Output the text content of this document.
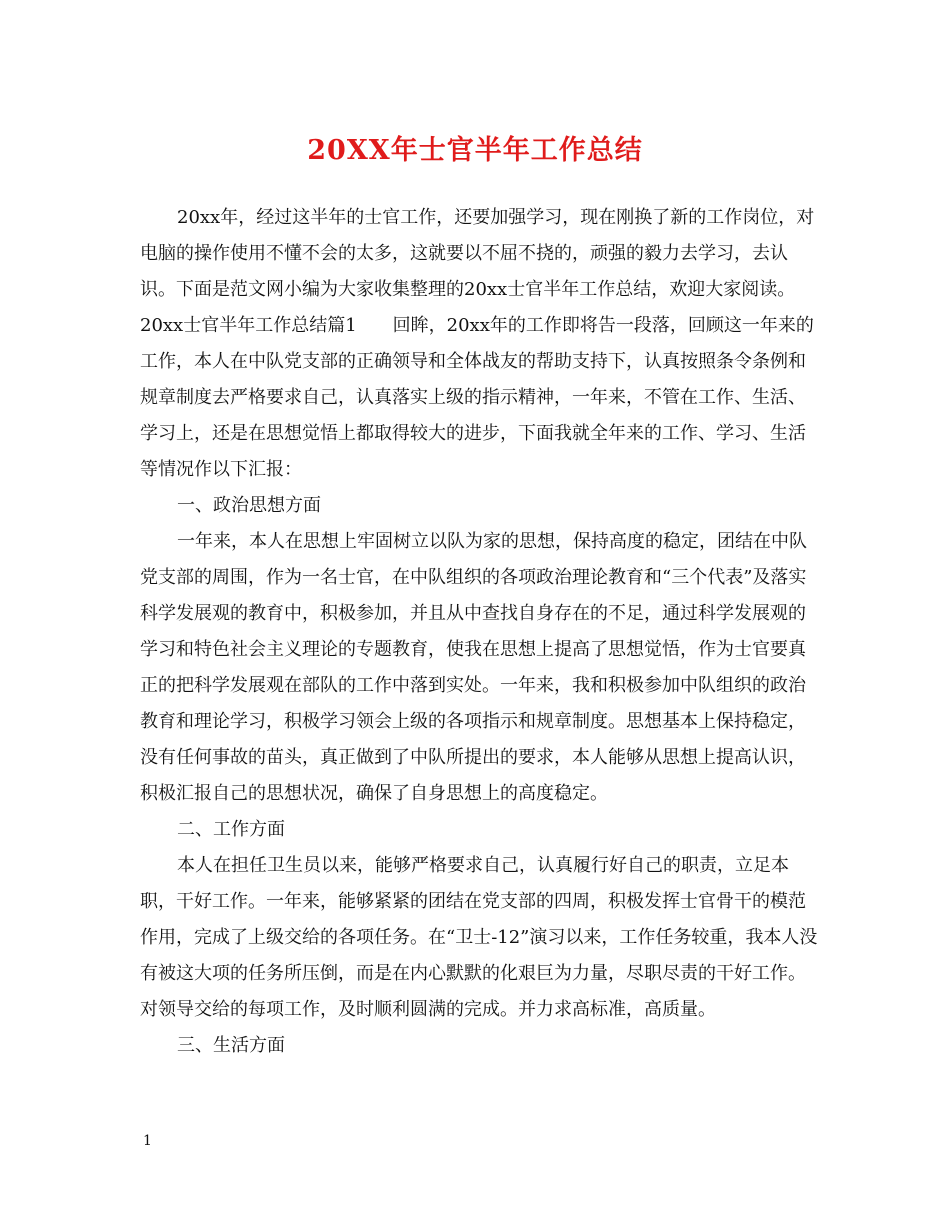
20XX年士官半年工作总结

20xx年，经过这半年的士官工作，还要加强学习，现在刚换了新的工作岗位，对电脑的操作使用不懂不会的太多，这就要以不屈不挠的，顽强的毅力去学习，去认识。下面是范文网小编为大家收集整理的20xx士官半年工作总结，欢迎大家阅读。

20xx士官半年工作总结篇1　　回眸，20xx年的工作即将告一段落，回顾这一年来的工作，本人在中队党支部的正确领导和全体战友的帮助支持下，认真按照条令条例和规章制度去严格要求自己，认真落实上级的指示精神，一年来，不管在工作、生活、学习上，还是在思想觉悟上都取得较大的进步，下面我就全年来的工作、学习、生活等情况作以下汇报：

一、政治思想方面

一年来，本人在思想上牢固树立以队为家的思想，保持高度的稳定，团结在中队党支部的周围，作为一名士官，在中队组织的各项政治理论教育和“三个代表”及落实科学发展观的教育中，积极参加，并且从中查找自身存在的不足，通过科学发展观的学习和特色社会主义理论的专题教育，使我在思想上提高了思想觉悟，作为士官要真正的把科学发展观在部队的工作中落到实处。一年来，我和积极参加中队组织的政治教育和理论学习，积极学习领会上级的各项指示和规章制度。思想基本上保持稳定，没有任何事故的苗头，真正做到了中队所提出的要求，本人能够从思想上提高认识，积极汇报自己的思想状况，确保了自身思想上的高度稳定。

二、工作方面

本人在担任卫生员以来，能够严格要求自己，认真履行好自己的职责，立足本职，干好工作。一年来，能够紧紧的团结在党支部的四周，积极发挥士官骨干的模范作用，完成了上级交给的各项任务。在“卫士-12”演习以来，工作任务较重，我本人没有被这大项的任务所压倒，而是在内心默默的化艰巨为力量，尽职尽责的干好工作。对领导交给的每项工作，及时顺利圆满的完成。并力求高标准，高质量。

三、生活方面

1
